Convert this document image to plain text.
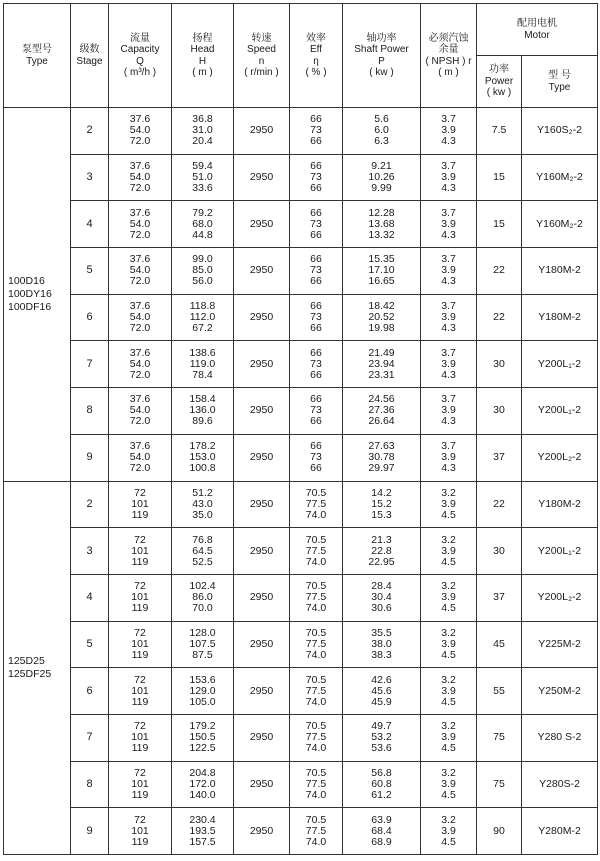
泵型号
Type	级数
Stage	流量
Capacity
Q
( m³/h )	扬程
Head
H
( m )	转速
Speed
n
( r/min )	效率
Eff
η
( % )	轴功率
Shaft Power
P
( kw )	必须汽蚀
余量
( NPSH ) r
( m )	配用电机
Motor	

								功率
Power
( kw )	型 号
Type

100D16
100DY16
100DF16	2	37.6
54.0
72.0	36.8
31.0
20.4	2950	66
73
66	5.6
6.0
6.3	3.7
3.9
4.3	7.5	Y160S₂-2
	3	37.6
54.0
72.0	59.4
51.0
33.6	2950	66
73
66	9.21
10.26
9.99	3.7
3.9
4.3	15	Y160M₂-2
	4	37.6
54.0
72.0	79.2
68.0
44.8	2950	66
73
66	12.28
13.68
13.32	3.7
3.9
4.3	15	Y160M₂-2
	5	37.6
54.0
72.0	99.0
85.0
56.0	2950	66
73
66	15.35
17.10
16.65	3.7
3.9
4.3	22	Y180M-2
	6	37.6
54.0
72.0	118.8
112.0
67.2	2950	66
73
66	18.42
20.52
19.98	3.7
3.9
4.3	22	Y180M-2
	7	37.6
54.0
72.0	138.6
119.0
78.4	2950	66
73
66	21.49
23.94
23.31	3.7
3.9
4.3	30	Y200L₁-2
	8	37.6
54.0
72.0	158.4
136.0
89.6	2950	66
73
66	24.56
27.36
26.64	3.7
3.9
4.3	30	Y200L₁-2
	9	37.6
54.0
72.0	178.2
153.0
100.8	2950	66
73
66	27.63
30.78
29.97	3.7
3.9
4.3	37	Y200L₂-2

125D25
125DF25	2	72
101
119	51.2
43.0
35.0	2950	70.5
77.5
74.0	14.2
15.2
15.3	3.2
3.9
4.5	22	Y180M-2
	3	72
101
119	76.8
64.5
52.5	2950	70.5
77.5
74.0	21.3
22.8
22.95	3.2
3.9
4.5	30	Y200L₁-2
	4	72
101
119	102.4
86.0
70.0	2950	70.5
77.5
74.0	28.4
30.4
30.6	3.2
3.9
4.5	37	Y200L₂-2
	5	72
101
119	128.0
107.5
87.5	2950	70.5
77.5
74.0	35.5
38.0
38.3	3.2
3.9
4.5	45	Y225M-2
	6	72
101
119	153.6
129.0
105.0	2950	70.5
77.5
74.0	42.6
45.6
45.9	3.2
3.9
4.5	55	Y250M-2
	7	72
101
119	179.2
150.5
122.5	2950	70.5
77.5
74.0	49.7
53.2
53.6	3.2
3.9
4.5	75	Y280 S-2
	8	72
101
119	204.8
172.0
140.0	2950	70.5
77.5
74.0	56.8
60.8
61.2	3.2
3.9
4.5	75	Y280S-2
	9	72
101
119	230.4
193.5
157.5	2950	70.5
77.5
74.0	63.9
68.4
68.9	3.2
3.9
4.5	90	Y280M-2
